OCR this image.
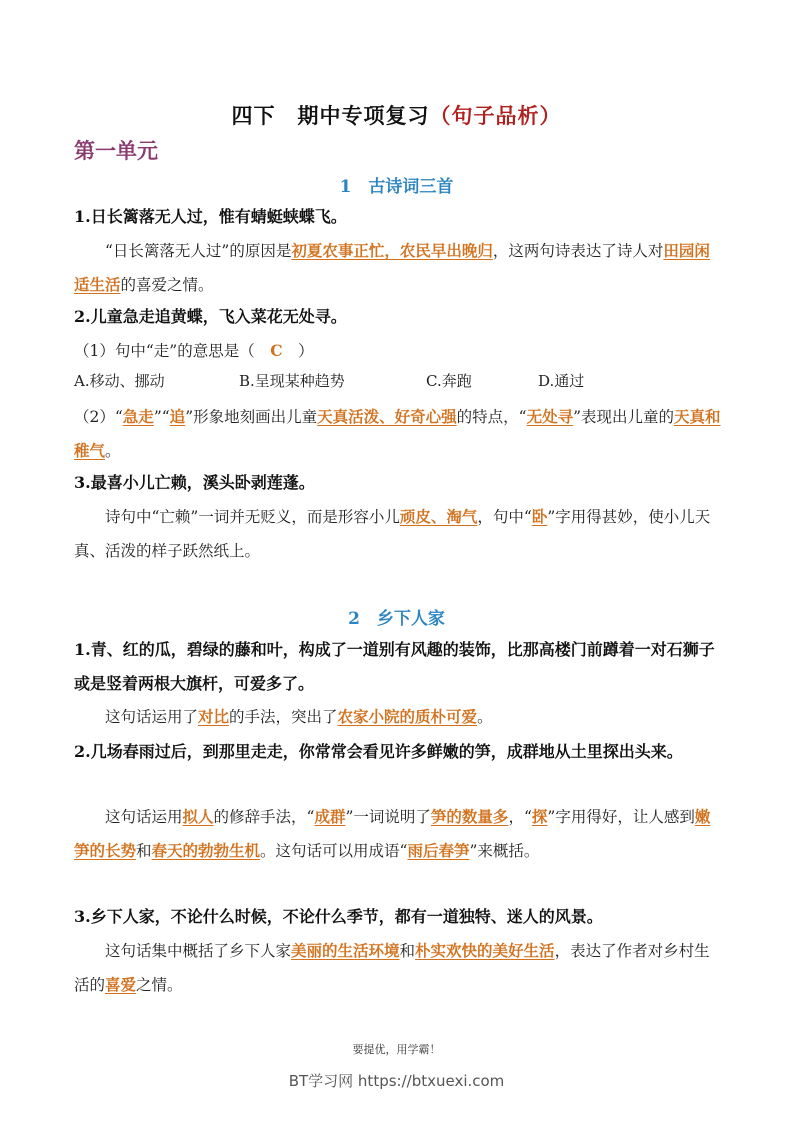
四下　期中专项复习（句子品析）
第一单元
1　古诗词三首
1.日长篱落无人过，惟有蜻蜓蛱蝶飞。
“日长篱落无人过”的原因是初夏农事正忙，农民早出晚归，这两句诗表达了诗人对田园闲适生活的喜爱之情。
2.儿童急走追黄蝶，飞入菜花无处寻。
（1）句中“走”的意思是（　C　）
A.移动、挪动	B.呈现某种趋势	C.奔跑	D.通过
（2）“急走”“追”形象地刻画出儿童天真活泼、好奇心强的特点，“无处寻”表现出儿童的天真和稚气。
3.最喜小儿亡赖，溪头卧剥莲蓬。
诗句中“亡赖”一词并无贬义，而是形容小儿顽皮、淘气，句中“卧”字用得甚妙，使小儿天真、活泼的样子跃然纸上。
2　乡下人家
1.青、红的瓜，碧绿的藤和叶，构成了一道别有风趣的装饰，比那高楼门前蹲着一对石狮子或是竖着两根大旗杆，可爱多了。
这句话运用了对比的手法，突出了农家小院的质朴可爱。
2.几场春雨过后，到那里走走，你常常会看见许多鲜嫩的笋，成群地从土里探出头来。
这句话运用拟人的修辞手法，“成群”一词说明了笋的数量多，“探”字用得好，让人感到嫩笋的长势和春天的勃勃生机。这句话可以用成语“雨后春笋”来概括。
3.乡下人家，不论什么时候，不论什么季节，都有一道独特、迷人的风景。
这句话集中概括了乡下人家美丽的生活环境和朴实欢快的美好生活，表达了作者对乡村生活的喜爱之情。
要提优，用学霸！
BT学习网 https://btxuexi.com
